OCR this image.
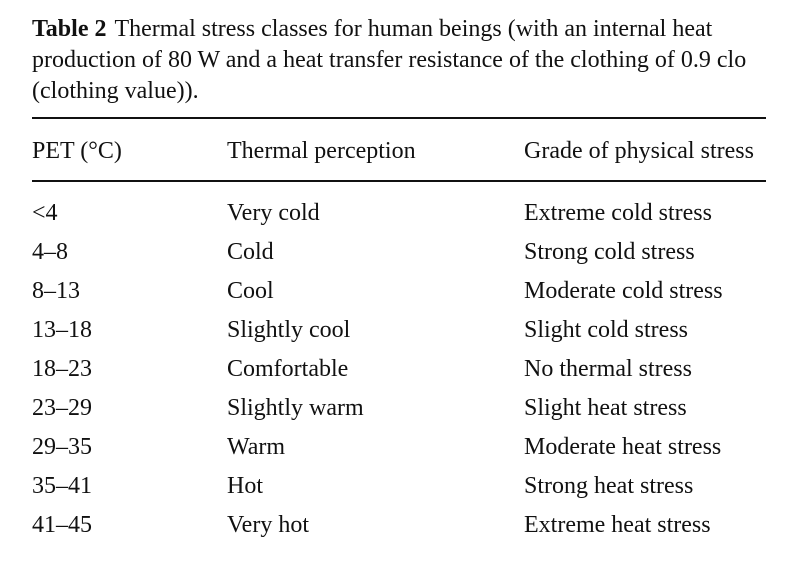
Table 2 Thermal stress classes for human beings (with an internal heat production of 80 W and a heat transfer resistance of the clothing of 0.9 clo (clothing value)).
PET (°C)	Thermal perception	Grade of physical stress
<4	Very cold	Extreme cold stress
4–8	Cold	Strong cold stress
8–13	Cool	Moderate cold stress
13–18	Slightly cool	Slight cold stress
18–23	Comfortable	No thermal stress
23–29	Slightly warm	Slight heat stress
29–35	Warm	Moderate heat stress
35–41	Hot	Strong heat stress
41–45	Very hot	Extreme heat stress
